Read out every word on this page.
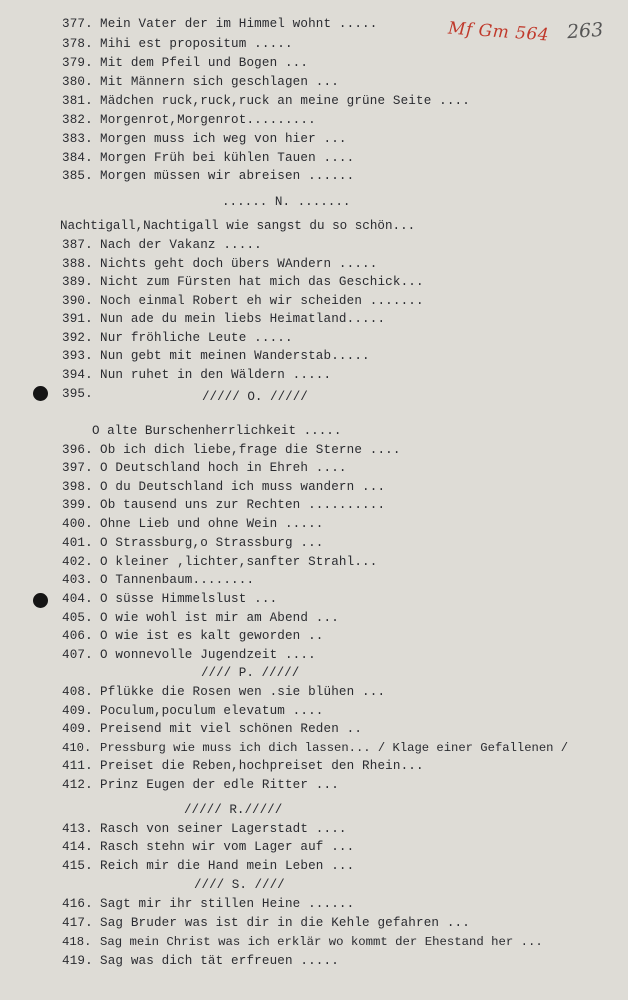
Mf Gm 564 263
377. Mein Vater der im Himmel wohnt .....
378. Mihi est propositum .....
379. Mit dem Pfeil und Bogen ...
380. Mit Männern sich geschlagen ...
381. Mädchen ruck,ruck,ruck an meine grüne Seite ....
382. Morgenrot,Morgenrot.........
383. Morgen muss ich weg von hier ...
384. Morgen Früh bei kühlen Tauen ....
385. Morgen müssen wir abreisen ......
...... N. .......
Nachtigall,Nachtigall wie sangst du so schön...
387. Nach der Vakanz .....
388. Nichts geht doch übers WAndern .....
389. Nicht zum Fürsten hat mich das Geschick...
390. Noch einmal Robert eh wir scheiden .......
391. Nun ade du mein liebs Heimatland.....
392. Nur fröhliche Leute .....
393. Nun gebt mit meinen Wanderstab.....
394. Nun ruhet in den Wäldern .....
395.	///// O. /////
O alte Burschenherrlichkeit .....
396. Ob ich dich liebe,frage die Sterne ....
397. O Deutschland hoch in Ehreh ....
398. O du Deutschland ich muss wandern ...
399. Ob tausend uns zur Rechten ..........
400. Ohne Lieb und ohne Wein .....
401. O Strassburg,o Strassburg ...
402. O kleiner ,lichter,sanfter Strahl...
403. O Tannenbaum........
404. O süsse Himmelslust ...
405. O wie wohl ist mir am Abend ...
406. O wie ist es kalt geworden ..
407. O wonnevolle Jugendzeit ....
//// P. /////
408. Pflükke die Rosen wen .sie blühen ...
409. Poculum,poculum elevatum ....
409. Preisend mit viel schönen Reden ..
410. Pressburg wie muss ich dich lassen... / Klage einer Gefallenen /
411. Preiset die Reben,hochpreiset den Rhein...
412. Prinz Eugen der edle Ritter ...
///// R./////
413. Rasch von seiner Lagerstadt ....
414. Rasch stehn wir vom Lager auf ...
415. Reich mir die Hand mein Leben ...
//// S. ////
416. Sagt mir ihr stillen Heine ......
417. Sag Bruder was ist dir in die Kehle gefahren ...
418. Sag mein Christ was ich erklär wo kommt der Ehestand her ...
419. Sag was dich tät erfreuen .....
